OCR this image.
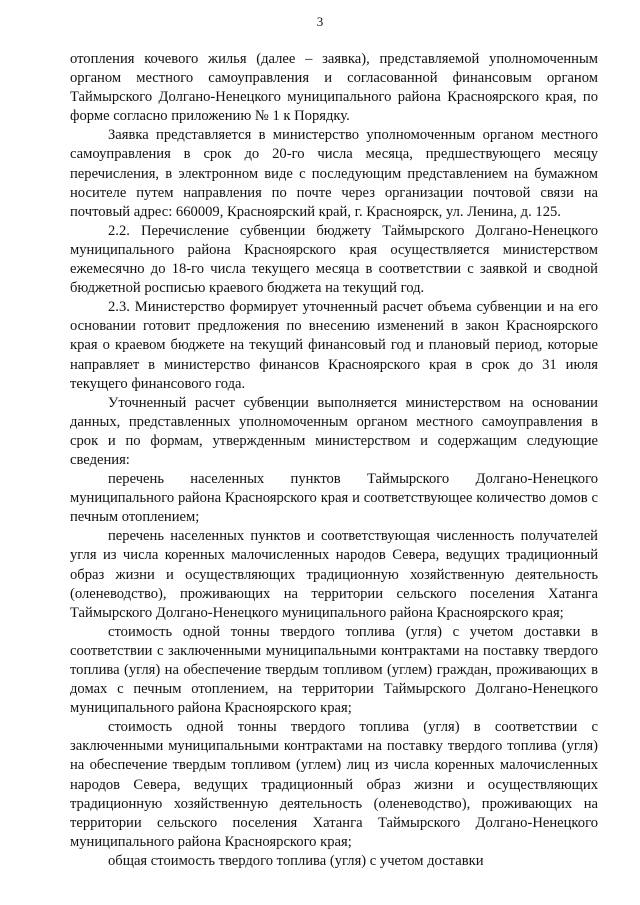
3

отопления кочевого жилья (далее – заявка), представляемой уполномоченным органом местного самоуправления и согласованной финансовым органом Таймырского Долгано-Ненецкого муниципального района Красноярского края, по форме согласно приложению № 1 к Порядку.

Заявка представляется в министерство уполномоченным органом местного самоуправления в срок до 20-го числа месяца, предшествующего месяцу перечисления, в электронном виде с последующим представлением на бумажном носителе путем направления по почте через организации почтовой связи на почтовый адрес: 660009, Красноярский край, г. Красноярск, ул. Ленина, д. 125.

2.2. Перечисление субвенции бюджету Таймырского Долгано-Ненецкого муниципального района Красноярского края осуществляется министерством ежемесячно до 18-го числа текущего месяца в соответствии с заявкой и сводной бюджетной росписью краевого бюджета на текущий год.

2.3. Министерство формирует уточненный расчет объема субвенции и на его основании готовит предложения по внесению изменений в закон Красноярского края о краевом бюджете на текущий финансовый год и плановый период, которые направляет в министерство финансов Красноярского края в срок до 31 июля текущего финансового года.

Уточненный расчет субвенции выполняется министерством на основании данных, представленных уполномоченным органом местного самоуправления в срок и по формам, утвержденным министерством и содержащим следующие сведения:

перечень населенных пунктов Таймырского Долгано-Ненецкого муниципального района Красноярского края и соответствующее количество домов с печным отоплением;

перечень населенных пунктов и соответствующая численность получателей угля из числа коренных малочисленных народов Севера, ведущих традиционный образ жизни и осуществляющих традиционную хозяйственную деятельность (оленеводство), проживающих на территории сельского поселения Хатанга Таймырского Долгано-Ненецкого муниципального района Красноярского края;

стоимость одной тонны твердого топлива (угля) с учетом доставки в соответствии с заключенными муниципальными контрактами на поставку твердого топлива (угля) на обеспечение твердым топливом (углем) граждан, проживающих в домах с печным отоплением, на территории Таймырского Долгано-Ненецкого муниципального района Красноярского края;

стоимость одной тонны твердого топлива (угля) в соответствии с заключенными муниципальными контрактами на поставку твердого топлива (угля) на обеспечение твердым топливом (углем) лиц из числа коренных малочисленных народов Севера, ведущих традиционный образ жизни и осуществляющих традиционную хозяйственную деятельность (оленеводство), проживающих на территории сельского поселения Хатанга Таймырского Долгано-Ненецкого муниципального района Красноярского края;

общая стоимость твердого топлива (угля) с учетом доставки
